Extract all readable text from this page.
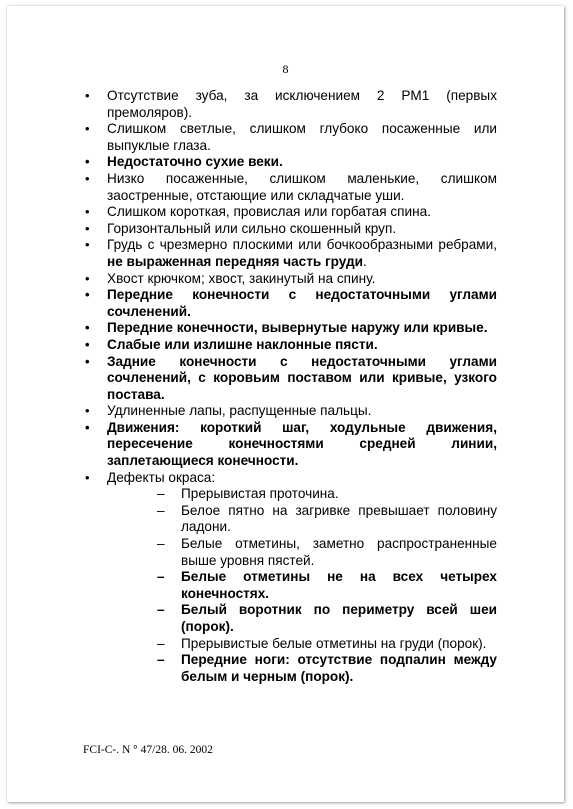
8
• Отсутствие зуба, за исключением 2 PM1 (первых премоляров).
• Слишком светлые, слишком глубоко посаженные или выпуклые глаза.
• Недостаточно сухие веки.
• Низко посаженные, слишком маленькие, слишком заостренные, отстающие или складчатые уши.
• Слишком короткая, провислая или горбатая спина.
• Горизонтальный или сильно скошенный круп.
• Грудь с чрезмерно плоскими или бочкообразными ребрами, не выраженная передняя часть груди.
• Хвост крючком; хвост, закинутый на спину.
• Передние конечности с недостаточными углами сочленений.
• Передние конечности, вывернутые наружу или кривые.
• Слабые или излишне наклонные пясти.
• Задние конечности с недостаточными углами сочленений, с коровьим поставом или кривые, узкого постава.
• Удлиненные лапы, распущенные пальцы.
• Движения: короткий шаг, ходульные движения, пересечение конечностями средней линии, заплетающиеся конечности.
• Дефекты окраса:
– Прерывистая проточина.
– Белое пятно на загривке превышает половину ладони.
– Белые отметины, заметно распространенные выше уровня пястей.
– Белые отметины не на всех четырех конечностях.
– Белый воротник по периметру всей шеи (порок).
– Прерывистые белые отметины на груди (порок).
– Передние ноги: отсутствие подпалин между белым и черным (порок).
FCI-C-. N ° 47/28. 06. 2002
